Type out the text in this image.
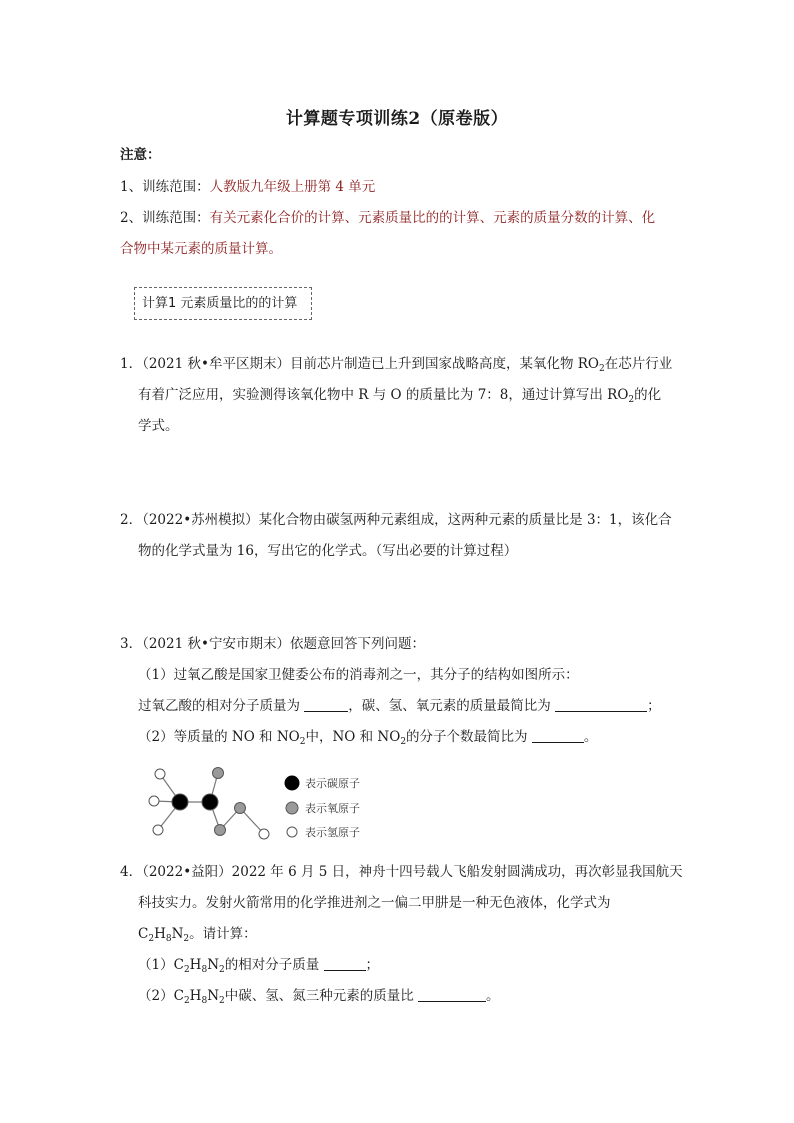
计算题专项训练2（原卷版）
注意：
1、训练范围：人教版九年级上册第 4 单元
2、训练范围：有关元素化合价的计算、元素质量比的的计算、元素的质量分数的计算、化
合物中某元素的质量计算。
计算1 元素质量比的的计算
1．（2021 秋•牟平区期末）目前芯片制造已上升到国家战略高度，某氧化物 $RO_2$在芯片行业
有着广泛应用，实验测得该氧化物中 R 与 O 的质量比为 7：8，通过计算写出 $RO_2$的化
学式。
2．（2022•苏州模拟）某化合物由碳氢两种元素组成，这两种元素的质量比是 3：1，该化合
物的化学式量为 16，写出它的化学式。（写出必要的计算过程）
3．（2021 秋•宁安市期末）依题意回答下列问题：
（1）过氧乙酸是国家卫健委公布的消毒剂之一，其分子的结构如图所示：
过氧乙酸的相对分子质量为	，碳、氢、氧元素的质量最简比为	；
（2）等质量的 NO 和 $NO_2$中，NO 和 $NO_2$的分子个数最简比为	。
表示碳原子
表示氧原子
表示氢原子
4．（2022•益阳）2022 年 6 月 5 日，神舟十四号载人飞船发射圆满成功，再次彰显我国航天
科技实力。发射火箭常用的化学推进剂之一偏二甲肼是一种无色液体，化学式为
$C_2H_8N_2$。请计算：
$(1)C_2H_8N_2$的相对分子质量	；
$(2)C_2H_8N_2$中碳、氢、氮三种元素的质量比	。
